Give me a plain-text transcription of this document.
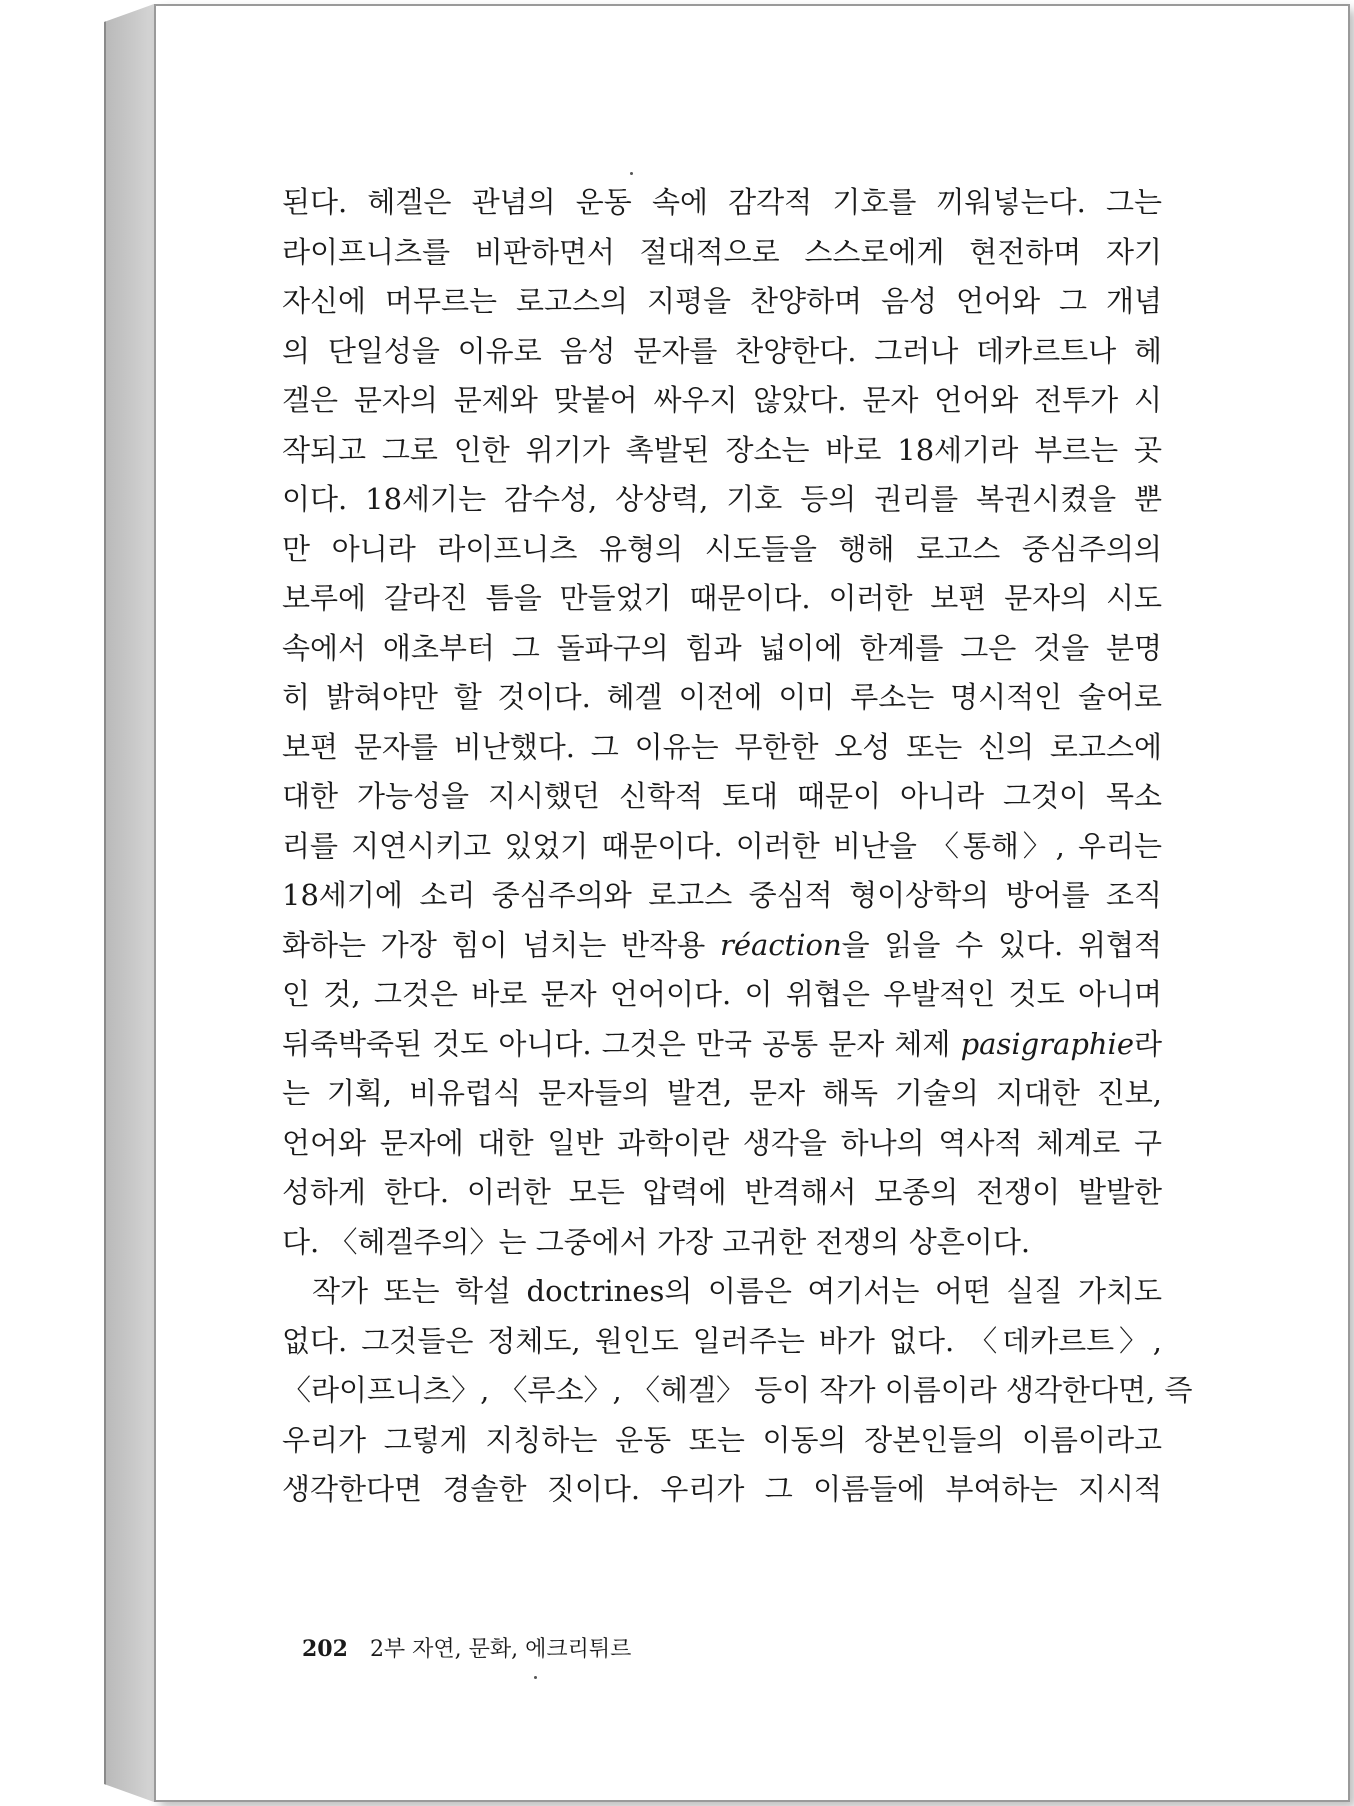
된다. 헤겔은 관념의 운동 속에 감각적 기호를 끼워넣는다. 그는
라이프니츠를 비판하면서 절대적으로 스스로에게 현전하며 자기
자신에 머무르는 로고스의 지평을 찬양하며 음성 언어와 그 개념
의 단일성을 이유로 음성 문자를 찬양한다. 그러나 데카르트나 헤
겔은 문자의 문제와 맞붙어 싸우지 않았다. 문자 언어와 전투가 시
작되고 그로 인한 위기가 촉발된 장소는 바로 18세기라 부르는 곳
이다. 18세기는 감수성, 상상력, 기호 등의 권리를 복권시켰을 뿐
만 아니라 라이프니츠 유형의 시도들을 행해 로고스 중심주의의
보루에 갈라진 틈을 만들었기 때문이다. 이러한 보편 문자의 시도
속에서 애초부터 그 돌파구의 힘과 넓이에 한계를 그은 것을 분명
히 밝혀야만 할 것이다. 헤겔 이전에 이미 루소는 명시적인 술어로
보편 문자를 비난했다. 그 이유는 무한한 오성 또는 신의 로고스에
대한 가능성을 지시했던 신학적 토대 때문이 아니라 그것이 목소
리를 지연시키고 있었기 때문이다. 이러한 비난을 〈통해〉, 우리는
18세기에 소리 중심주의와 로고스 중심적 형이상학의 방어를 조직
화하는 가장 힘이 넘치는 반작용 réaction을 읽을 수 있다. 위협적
인 것, 그것은 바로 문자 언어이다. 이 위협은 우발적인 것도 아니며
뒤죽박죽된 것도 아니다. 그것은 만국 공통 문자 체제 pasigraphie라
는 기획, 비유럽식 문자들의 발견, 문자 해독 기술의 지대한 진보,
언어와 문자에 대한 일반 과학이란 생각을 하나의 역사적 체계로 구
성하게 한다. 이러한 모든 압력에 반격해서 모종의 전쟁이 발발한
다. 〈헤겔주의〉는 그중에서 가장 고귀한 전쟁의 상흔이다.
작가 또는 학설 doctrines의 이름은 여기서는 어떤 실질 가치도
없다. 그것들은 정체도, 원인도 일러주는 바가 없다. 〈데카르트〉,
〈라이프니츠〉, 〈루소〉, 〈헤겔〉 등이 작가 이름이라 생각한다면, 즉
우리가 그렇게 지칭하는 운동 또는 이동의 장본인들의 이름이라고
생각한다면 경솔한 짓이다. 우리가 그 이름들에 부여하는 지시적
202 2부 자연, 문화, 에크리튀르
